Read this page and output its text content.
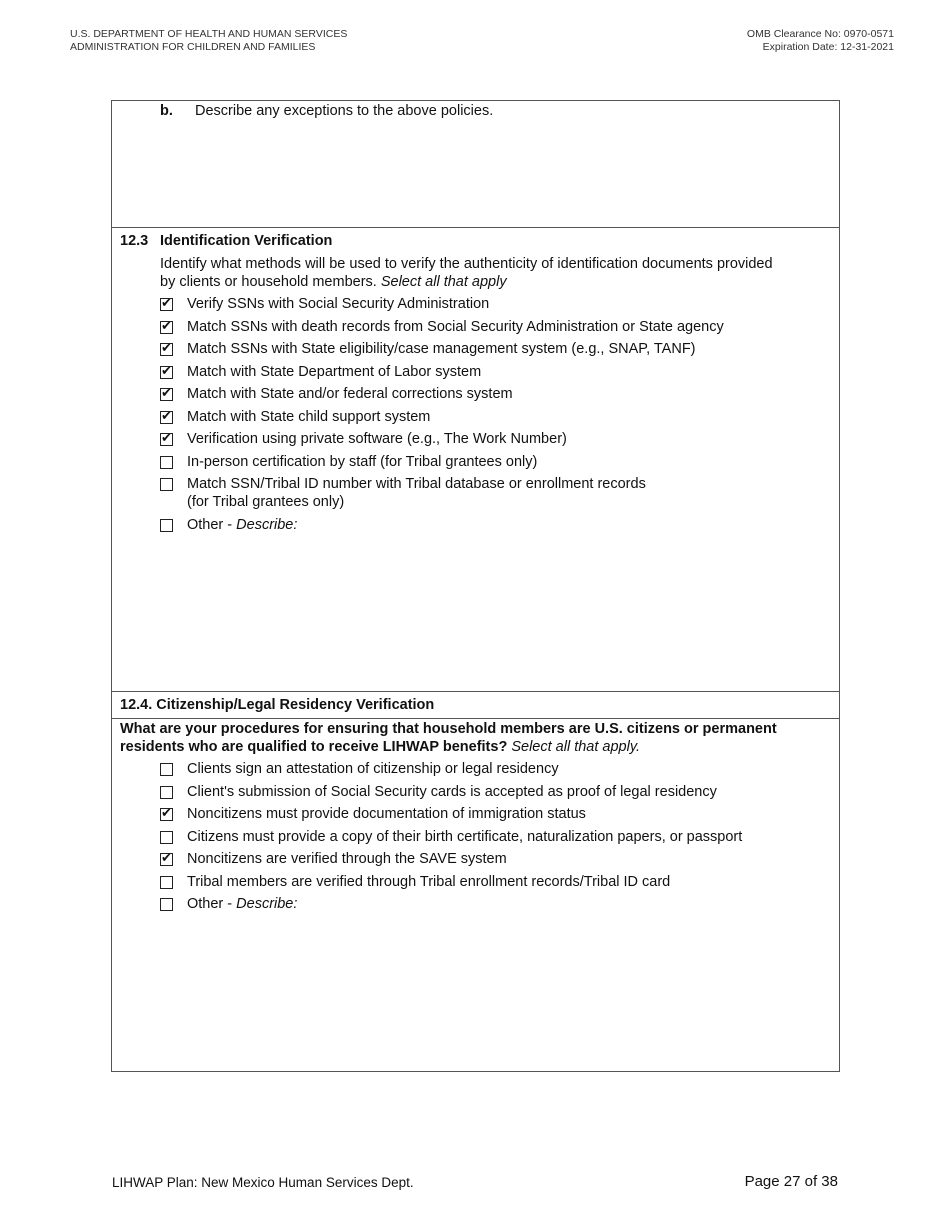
U.S. DEPARTMENT OF HEALTH AND HUMAN SERVICES
ADMINISTRATION FOR CHILDREN AND FAMILIES
OMB Clearance No: 0970-0571
Expiration Date: 12-31-2021
b. Describe any exceptions to the above policies.
12.3 Identification Verification
Identify what methods will be used to verify the authenticity of identification documents provided
by clients or household members. Select all that apply
✔ Verify SSNs with Social Security Administration
✔ Match SSNs with death records from Social Security Administration or State agency
✔ Match SSNs with State eligibility/case management system (e.g., SNAP, TANF)
✔ Match with State Department of Labor system
✔ Match with State and/or federal corrections system
✔ Match with State child support system
✔ Verification using private software (e.g., The Work Number)
In-person certification by staff (for Tribal grantees only)
Match SSN/Tribal ID number with Tribal database or enrollment records
(for Tribal grantees only)
Other - Describe:
12.4. Citizenship/Legal Residency Verification
What are your procedures for ensuring that household members are U.S. citizens or permanent
residents who are qualified to receive LIHWAP benefits? Select all that apply.
Clients sign an attestation of citizenship or legal residency
Client's submission of Social Security cards is accepted as proof of legal residency
✔ Noncitizens must provide documentation of immigration status
Citizens must provide a copy of their birth certificate, naturalization papers, or passport
✔ Noncitizens are verified through the SAVE system
Tribal members are verified through Tribal enrollment records/Tribal ID card
Other - Describe:
LIHWAP Plan: New Mexico Human Services Dept.	Page 27 of 38
